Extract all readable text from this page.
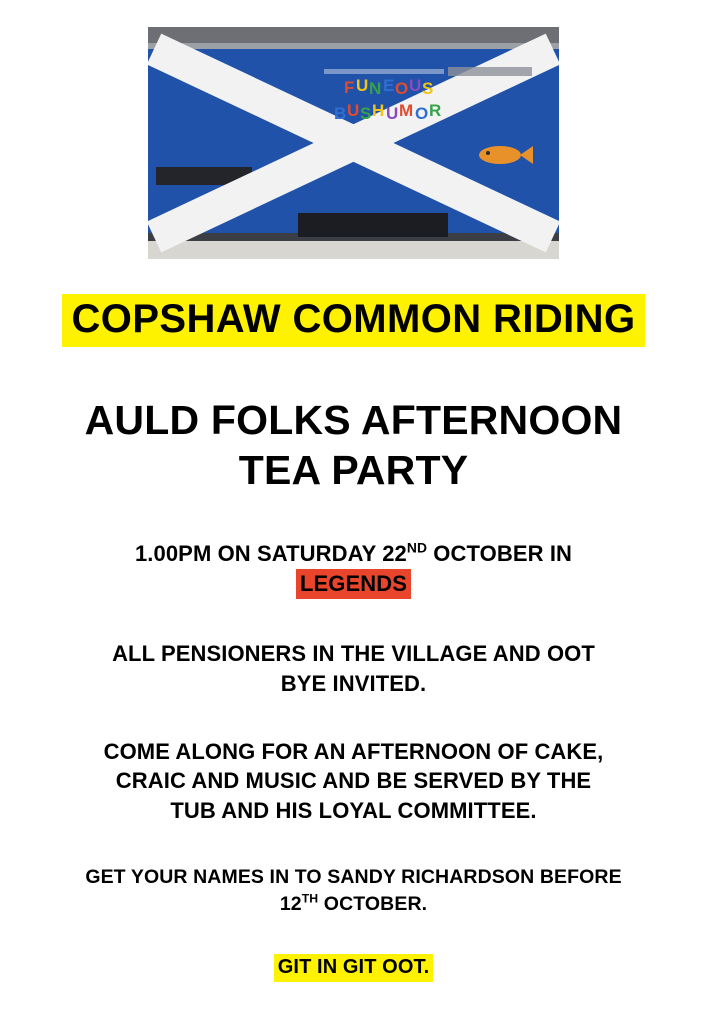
F U N E O U S
B U S H U M O R
COPSHAW COMMON RIDING
AULD FOLKS AFTERNOON
TEA PARTY
1.00PM ON SATURDAY 22ND OCTOBER IN
LEGENDS
ALL PENSIONERS IN THE VILLAGE AND OOT
BYE INVITED.
COME ALONG FOR AN AFTERNOON OF CAKE,
CRAIC AND MUSIC AND BE SERVED BY THE
TUB AND HIS LOYAL COMMITTEE.
GET YOUR NAMES IN TO SANDY RICHARDSON BEFORE
12TH OCTOBER.
GIT IN GIT OOT.
